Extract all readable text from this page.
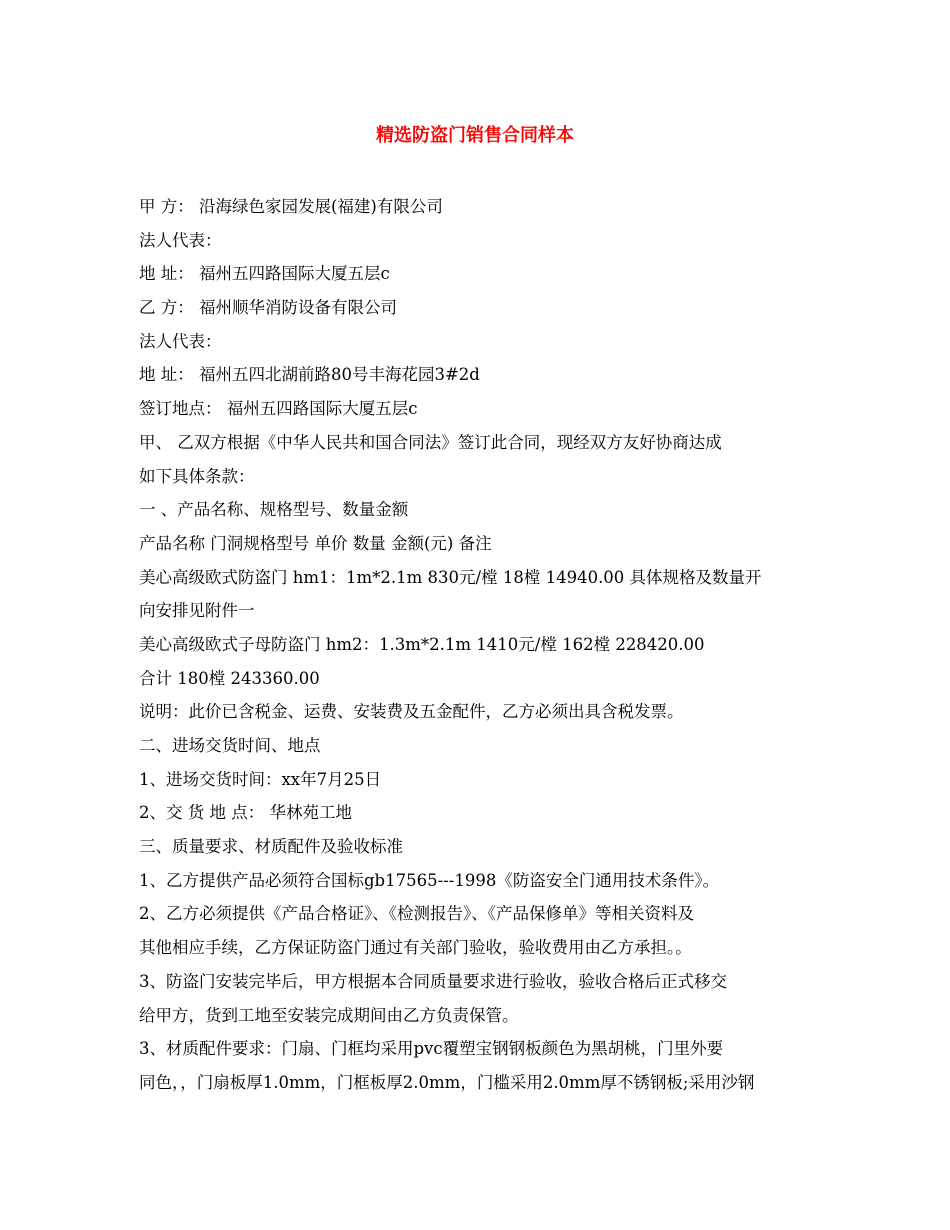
精选防盗门销售合同样本
甲 方： 沿海绿色家园发展(福建)有限公司
法人代表：
地 址： 福州五四路国际大厦五层c
乙 方： 福州顺华消防设备有限公司
法人代表：
地 址： 福州五四北湖前路80号丰海花园3#2d
签订地点： 福州五四路国际大厦五层c
甲、 乙双方根据《中华人民共和国合同法》签订此合同，现经双方友好协商达成
如下具体条款：
一 、产品名称、规格型号、数量金额
产品名称 门洞规格型号 单价 数量 金额(元) 备注
美心高级欧式防盗门 hm1：1m*2.1m 830元/樘 18樘 14940.00 具体规格及数量开
向安排见附件一
美心高级欧式子母防盗门 hm2：1.3m*2.1m 1410元/樘 162樘 228420.00
合计 180樘 243360.00
说明：此价已含税金、运费、安装费及五金配件，乙方必须出具含税发票。
二、进场交货时间、地点
1、进场交货时间：xx年7月25日
2、交 货 地 点： 华林苑工地
三、质量要求、材质配件及验收标准
1、乙方提供产品必须符合国标gb17565---1998《防盗安全门通用技术条件》。
2、乙方必须提供《产品合格证》、《检测报告》、《产品保修单》等相关资料及
其他相应手续，乙方保证防盗门通过有关部门验收，验收费用由乙方承担。。
3、防盗门安装完毕后，甲方根据本合同质量要求进行验收，验收合格后正式移交
给甲方，货到工地至安装完成期间由乙方负责保管。
3、材质配件要求：门扇、门框均采用pvc覆塑宝钢钢板颜色为黑胡桃，门里外要
同色，，门扇板厚1.0mm，门框板厚2.0mm，门槛采用2.0mm厚不锈钢板;采用沙钢
